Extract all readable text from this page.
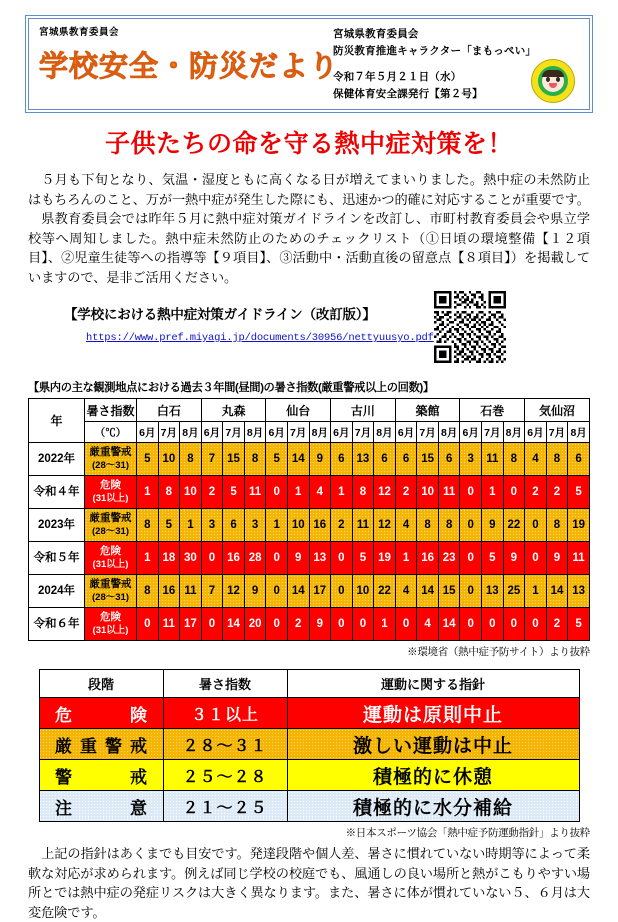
宮城県教育委員会
学校安全・防災だより
宮城県教育委員会
防災教育推進キャラクター「まもっぺい」
令和７年５月２１日（水）
保健体育安全課発行【第２号】
子供たちの命を守る熱中症対策を！

５月も下旬となり、気温・湿度ともに高くなる日が増えてまいりました。熱中症の未然防止はもちろんのこと、万が一熱中症が発生した際にも、迅速かつ的確に対応することが重要です。

県教育委員会では昨年５月に熱中症対策ガイドラインを改訂し、市町村教育委員会や県立学校等へ周知しました。熱中症未然防止のためのチェックリスト（①日頃の環境整備【１２項目】、②児童生徒等への指導等【９項目】、③活動中・活動直後の留意点【８項目】）を掲載していますので、是非ご活用ください。

【学校における熱中症対策ガイドライン（改訂版）】
https://www.pref.miyagi.jp/documents/30956/nettyuusyo.pdf
【県内の主な観測地点における過去３年間(昼間)の暑さ指数(厳重警戒以上の回数)】
年	暑さ指数	白石			丸森			仙台			古川			築館			石巻			気仙沼		
	（℃）	6月	7月	8月	6月	7月	8月	6月	7月	8月	6月	7月	8月	6月	7月	8月	6月	7月	8月	6月	7月	8月
2022年	厳重警戒
(28〜31)	5	10	8	7	15	8	5	14	9	6	13	6	6	15	6	3	11	8	4	8	6
令和４年	危険
(31以上)	1	8	10	2	5	11	0	1	4	1	8	12	2	10	11	0	1	0	2	2	5
2023年	厳重警戒
(28〜31)	8	5	1	3	6	3	1	10	16	2	11	12	4	8	8	0	9	22	0	8	19
令和５年	危険
(31以上)	1	18	30	0	16	28	0	9	13	0	5	19	1	16	23	0	5	9	0	9	11
2024年	厳重警戒
(28〜31)	8	16	11	7	12	9	0	14	17	0	10	22	4	14	15	0	13	25	1	14	13
令和６年	危険
(31以上)	0	11	17	0	14	20	0	2	9	0	0	1	0	4	14	0	0	0	0	2	5
※環境省（熱中症予防サイト）より抜粋
段階	暑さ指数	運動に関する指針
危　　険	３１以上	運動は原則中止
厳重警戒	２８〜３１	激しい運動は中止
警　　戒	２５〜２８	積極的に休憩
注　　意	２１〜２５	積極的に水分補給
※日本スポーツ協会「熱中症予防運動指針」より抜粋

上記の指針はあくまでも目安です。発達段階や個人差、暑さに慣れていない時期等によって柔軟な対応が求められます。例えば同じ学校の校庭でも、風通しの良い場所と熱がこもりやすい場所とでは熱中症の発症リスクは大きく異なります。また、暑さに体が慣れていない５、６月は大変危険です。
